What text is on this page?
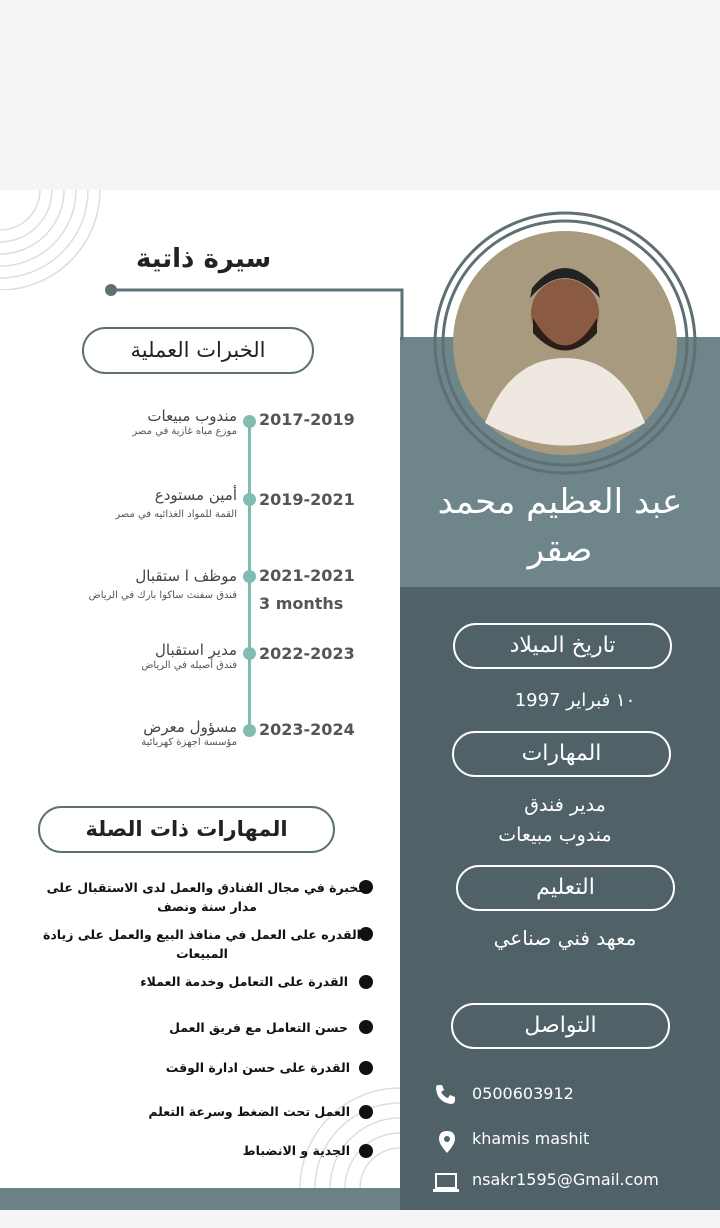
سيرة ذاتية
عبد العظيم محمد صقر
الخبرات العملية
2017-2019
مندوب مبيعات
موزع مياه غازية في مصر
2019-2021
أمين مستودع
القمة للمواد الغذائيه في مصر
2021-2021
3 months
موظف ا ستقبال
فندق سفنث ساكوا بارك في الرياض
2022-2023
مدير استقبال
فندق أصيله في الرياض
2023-2024
مسؤول معرض
مؤسسة اجهزة كهربائية
المهارات ذات الصلة
الخبرة في مجال الفنادق والعمل لدى الاستقبال على مدار سنة ونصف
القدره على العمل في منافذ البيع والعمل على زيادة المبيعات
القدرة على التعامل وخدمة العملاء
حسن التعامل مع فريق العمل
القدرة على حسن ادارة الوقت
العمل تحت الضغط وسرعة التعلم
الجدية و الانضباط
تاريخ الميلاد
١٠ فبراير 1997
المهارات
مدير فندق
مندوب مبيعات
التعليم
معهد فني صناعي
التواصل
0500603912
khamis mashit
nsakr1595@Gmail.com
